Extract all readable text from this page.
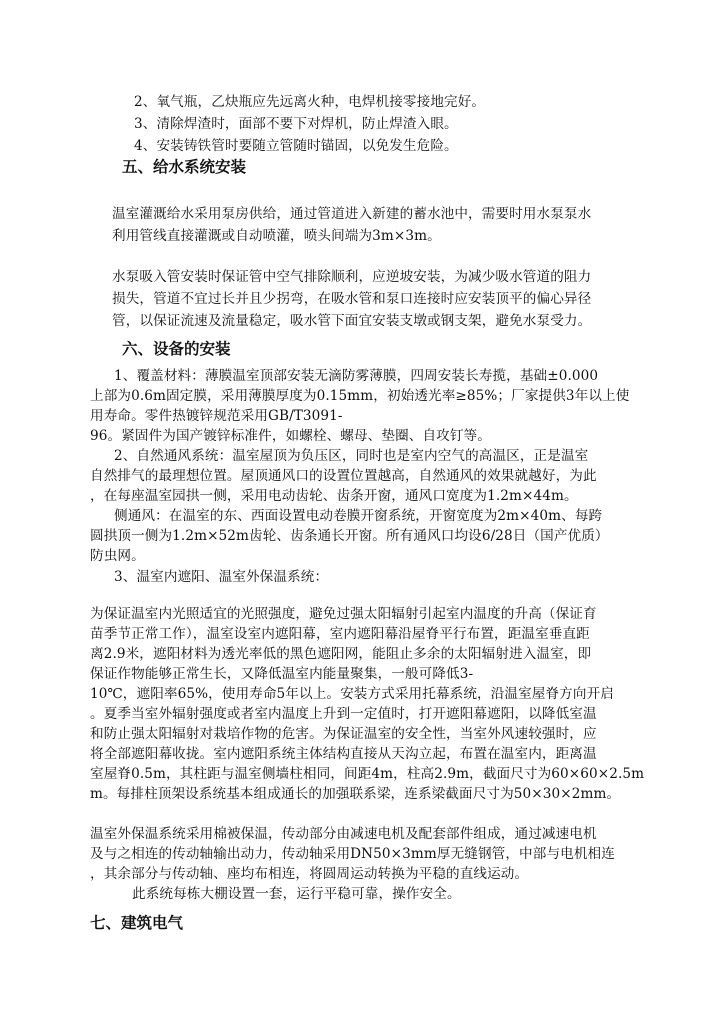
2、氧气瓶，乙炔瓶应先远离火种，电焊机接零接地完好。
3、清除焊渣时，面部不要下对焊机，防止焊渣入眼。
4、安装铸铁管时要随立管随时锚固，以免发生危险。
五、给水系统安装
温室灌溉给水采用泵房供给，通过管道进入新建的蓄水池中，需要时用水泵泵水
利用管线直接灌溉或自动喷灌，喷头间端为3m×3m。
水泵吸入管安装时保证管中空气排除顺利，应逆坡安装，为减少吸水管道的阻力
损失，管道不宜过长并且少拐弯，在吸水管和泵口连接时应安装顶平的偏心异径
管，以保证流速及流量稳定，吸水管下面宜安装支墩或钢支架，避免水泵受力。
六、设备的安装
1、覆盖材料：薄膜温室顶部安装无滴防雾薄膜，四周安装长寿揽，基础±0.000
上部为0.6m固定膜，采用薄膜厚度为0.15mm，初始透光率≥85%；厂家提供3年以上使
用寿命。零件热镀锌规范采用GB/T3091-
96。紧固件为国产镀锌标准件，如螺栓、螺母、垫圈、自攻钉等。
2、自然通风系统：温室屋顶为负压区，同时也是室内空气的高温区，正是温室
自然排气的最理想位置。屋顶通风口的设置位置越高，自然通风的效果就越好，为此
，在每座温室园拱一侧，采用电动齿轮、齿条开窗，通风口宽度为1.2m×44m。
侧通风：在温室的东、西面设置电动卷膜开窗系统，开窗宽度为2m×40m、每跨
圆拱顶一侧为1.2m×52m齿轮、齿条通长开窗。所有通风口均设6/28日（国产优质）
防虫网。
3、温室内遮阳、温室外保温系统：
为保证温室内光照适宜的光照强度，避免过强太阳辐射引起室内温度的升高（保证育
苗季节正常工作），温室设室内遮阳幕，室内遮阳幕沿屋脊平行布置，距温室垂直距
离2.9米，遮阳材料为透光率低的黑色遮阳网，能阻止多余的太阳辐射进入温室，即
保证作物能够正常生长，又降低温室内能量聚集，一般可降低3-
10℃，遮阳率65%，使用寿命5年以上。安装方式采用托幕系统，沿温室屋脊方向开启
。夏季当室外辐射强度或者室内温度上升到一定值时，打开遮阳幕遮阳，以降低室温
和防止强太阳辐射对栽培作物的危害。为保证温室的安全性，当室外风速较强时，应
将全部遮阳幕收拢。室内遮阳系统主体结构直接从天沟立起，布置在温室内，距离温
室屋脊0.5m，其柱距与温室侧墙柱相同，间距4m，柱高2.9m，截面尺寸为60×60×2.5m
m。每排柱顶架设系统基本组成通长的加强联系梁，连系梁截面尺寸为50×30×2mm。
温室外保温系统采用棉被保温，传动部分由减速电机及配套部件组成，通过减速电机
及与之相连的传动轴输出动力，传动轴采用DN50×3mm厚无缝钢管，中部与电机相连
，其余部分与传动轴、座均布相连，将圆周运动转换为平稳的直线运动。
此系统每栋大棚设置一套，运行平稳可靠，操作安全。
七、建筑电气
